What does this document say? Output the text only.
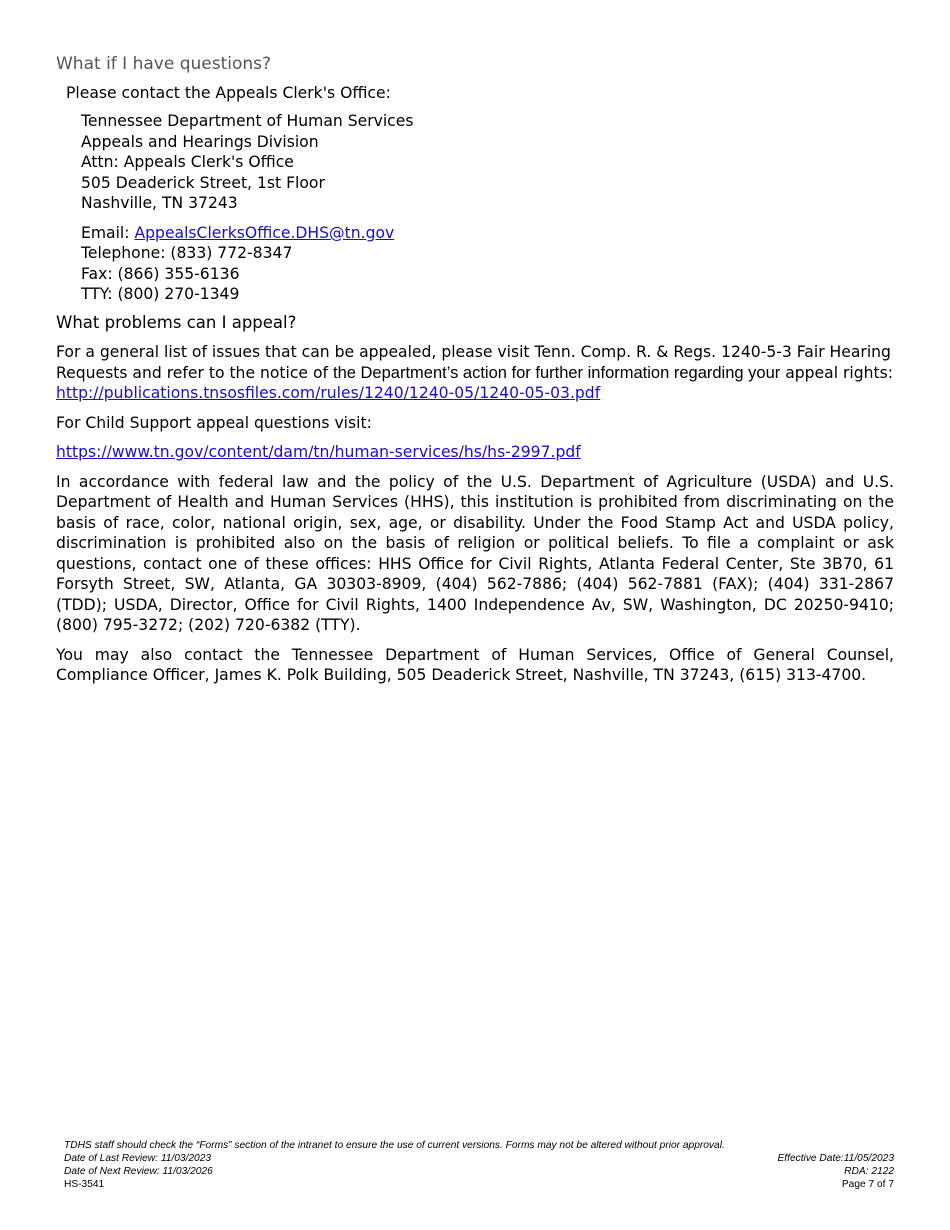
What if I have questions?
Please contact the Appeals Clerk's Office:
Tennessee Department of Human Services
Appeals and Hearings Division
Attn: Appeals Clerk's Office
505 Deaderick Street, 1st Floor
Nashville, TN 37243
Email: AppealsClerksOffice.DHS@tn.gov
Telephone: (833) 772-8347
Fax: (866) 355-6136
TTY: (800) 270-1349
What problems can I appeal?

For a general list of issues that can be appealed, please visit Tenn. Comp. R. & Regs. 1240-5-3 Fair Hearing Requests and refer to the notice of the Department’s action for further information regarding your appeal rights: http://publications.tnsosfiles.com/rules/1240/1240-05/1240-05-03.pdf

For Child Support appeal questions visit:

https://www.tn.gov/content/dam/tn/human-services/hs/hs-2997.pdf

In accordance with federal law and the policy of the U.S. Department of Agriculture (USDA) and U.S. Department of Health and Human Services (HHS), this institution is prohibited from discriminating on the basis of race, color, national origin, sex, age, or disability. Under the Food Stamp Act and USDA policy, discrimination is prohibited also on the basis of religion or political beliefs. To file a complaint or ask questions, contact one of these offices: HHS Office for Civil Rights, Atlanta Federal Center, Ste 3B70, 61 Forsyth Street, SW, Atlanta, GA 30303-8909, (404) 562-7886; (404) 562-7881 (FAX); (404) 331-2867 (TDD); USDA, Director, Office for Civil Rights, 1400 Independence Av, SW, Washington, DC 20250-9410; (800) 795-3272; (202) 720-6382 (TTY).

You may also contact the Tennessee Department of Human Services, Office of General Counsel, Compliance Officer, James K. Polk Building, 505 Deaderick Street, Nashville, TN 37243, (615) 313-4700.

TDHS staff should check the “Forms” section of the intranet to ensure the use of current versions. Forms may not be altered without prior approval.
Date of Last Review: 11/03/2023	Effective Date:11/05/2023
Date of Next Review: 11/03/2026	RDA: 2122
HS-3541	Page 7 of 7
